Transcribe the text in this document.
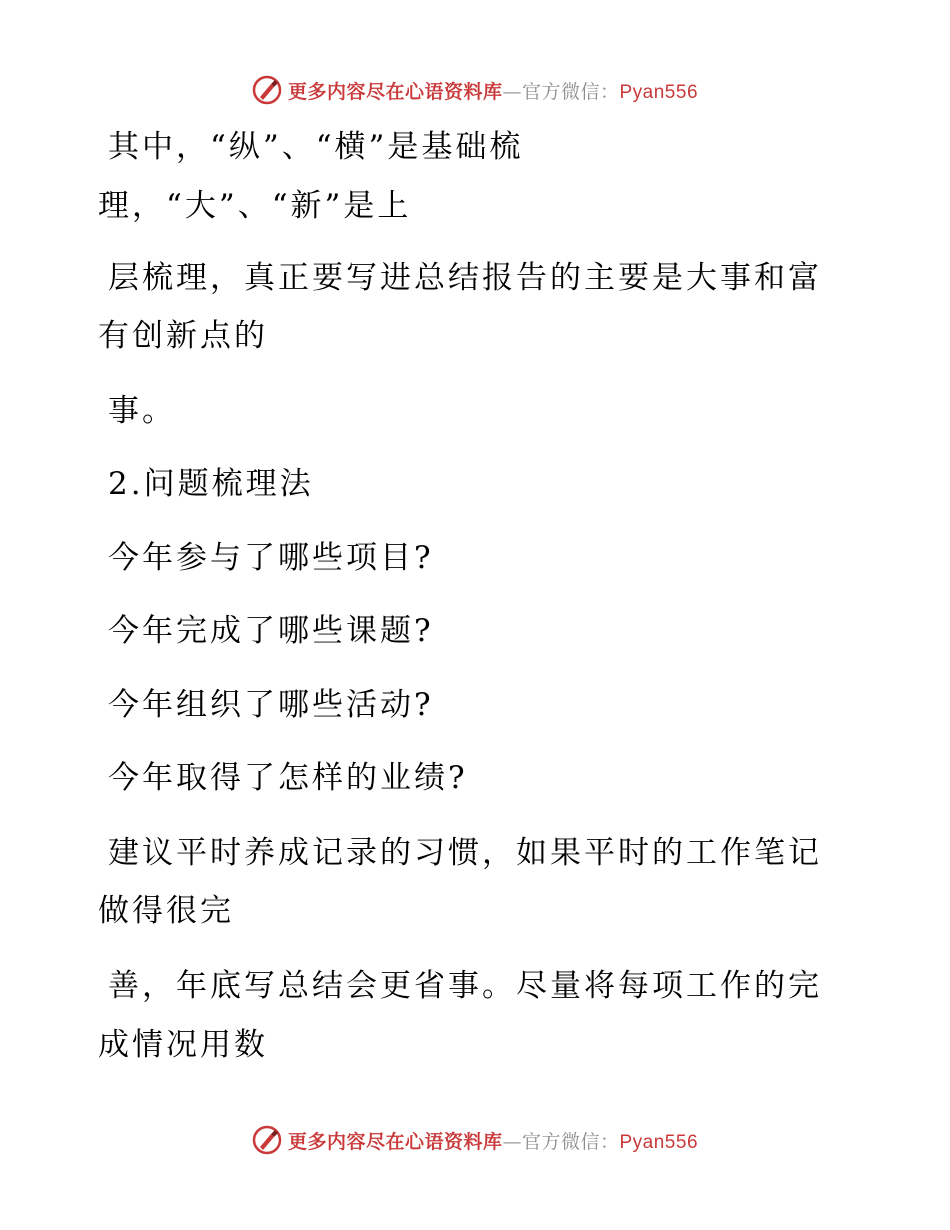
更多内容尽在心语资料库—官方微信：Pyan556
其中，“纵”、“横”是基础梳
理，“大”、“新”是上
层梳理，真正要写进总结报告的主要是大事和富
有创新点的
事。
2.问题梳理法
今年参与了哪些项目?
今年完成了哪些课题?
今年组织了哪些活动?
今年取得了怎样的业绩?
建议平时养成记录的习惯，如果平时的工作笔记
做得很完
善，年底写总结会更省事。尽量将每项工作的完
成情况用数
更多内容尽在心语资料库—官方微信：Pyan556
